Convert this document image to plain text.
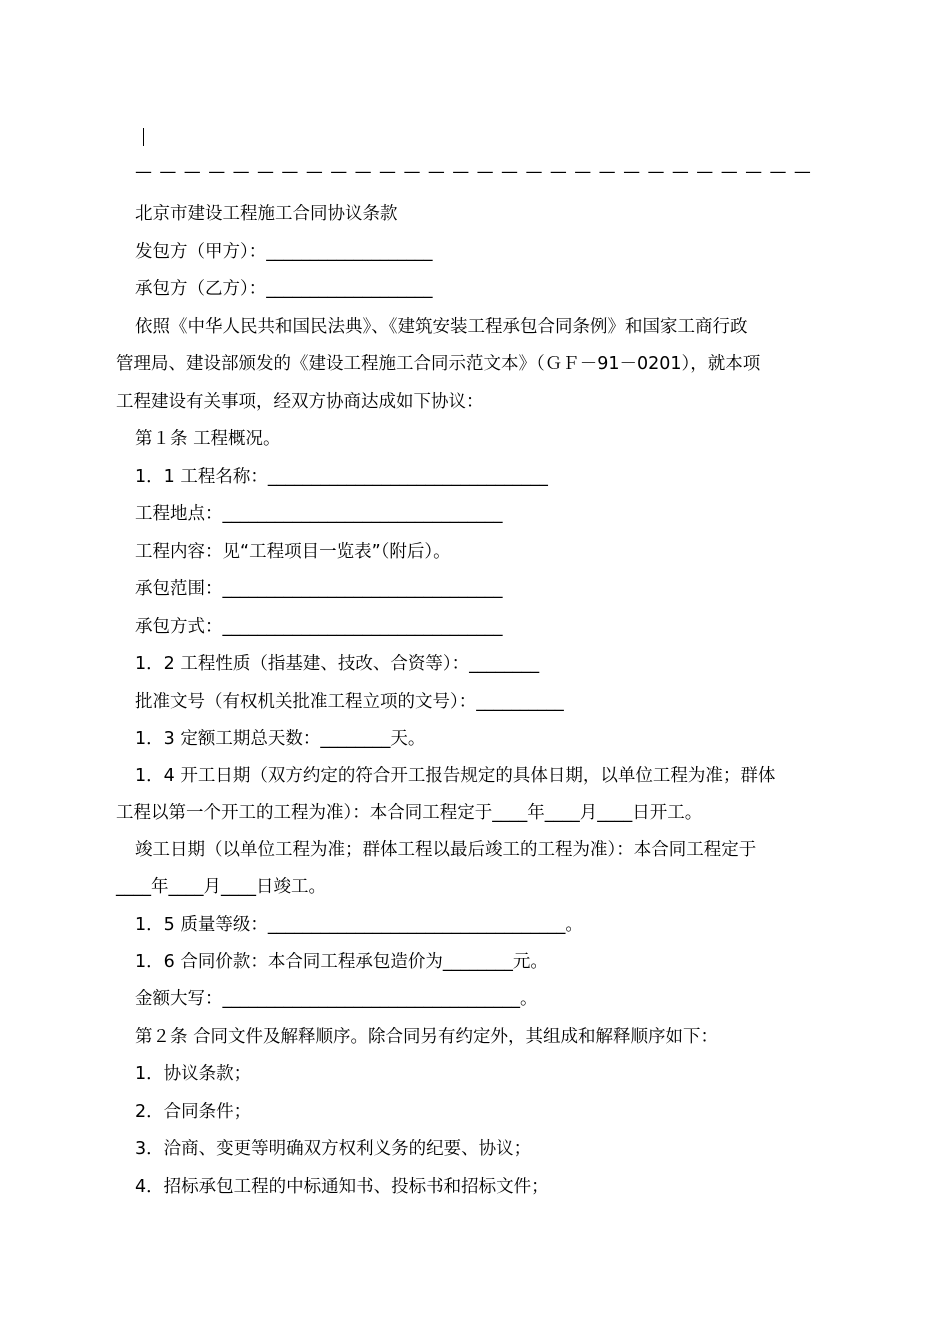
— — — — — — — — — — — — — — — — — — — — — — — — — — — —
北京市建设工程施工合同协议条款
发包方（甲方）：___________________
承包方（乙方）：___________________
依照《中华人民共和国民法典》、《建筑安装工程承包合同条例》和国家工商行政
管理局、建设部颁发的《建设工程施工合同示范文本》（ＧＦ－91－0201），就本项
工程建设有关事项，经双方协商达成如下协议：
第１条 工程概况。
1．1 工程名称：________________________________
工程地点：________________________________
工程内容：见“工程项目一览表”（附后）。
承包范围：________________________________
承包方式：________________________________
1．2 工程性质（指基建、技改、合资等）：________
批准文号（有权机关批准工程立项的文号）：__________
1．3 定额工期总天数：________天。
1．4 开工日期（双方约定的符合开工报告规定的具体日期，以单位工程为准；群体
工程以第一个开工的工程为准）：本合同工程定于____年____月____日开工。
竣工日期（以单位工程为准；群体工程以最后竣工的工程为准）：本合同工程定于
____年____月____日竣工。
1．5 质量等级：__________________________________。
1．6 合同价款：本合同工程承包造价为________元。
金额大写：__________________________________。
第２条 合同文件及解释顺序。除合同另有约定外，其组成和解释顺序如下：
1．协议条款；
2．合同条件；
3．洽商、变更等明确双方权利义务的纪要、协议；
4．招标承包工程的中标通知书、投标书和招标文件；
